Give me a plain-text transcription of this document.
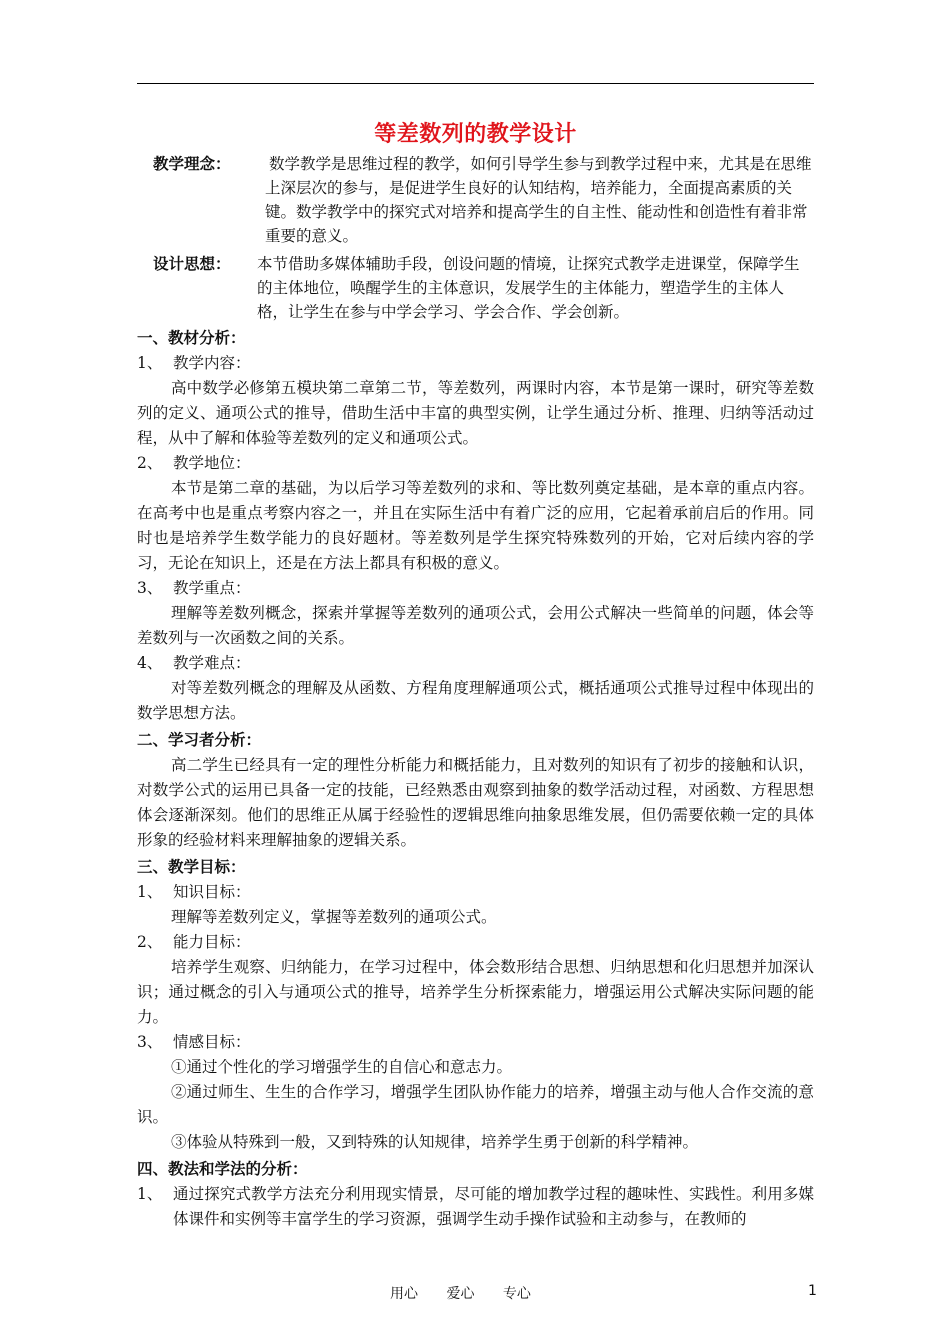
等差数列的教学设计
教学理念：	数学教学是思维过程的教学，如何引导学生参与到教学过程中来，尤其是在思维上深层次的参与，是促进学生良好的认知结构，培养能力，全面提高素质的关键。数学教学中的探究式对培养和提高学生的自主性、能动性和创造性有着非常重要的意义。
设计思想：	本节借助多媒体辅助手段，创设问题的情境，让探究式教学走进课堂，保障学生的主体地位，唤醒学生的主体意识，发展学生的主体能力，塑造学生的主体人格，让学生在参与中学会学习、学会合作、学会创新。
一、教材分析：
1、 教学内容：

高中数学必修第五模块第二章第二节，等差数列，两课时内容，本节是第一课时，研究等差数列的定义、通项公式的推导，借助生活中丰富的典型实例，让学生通过分析、推理、归纳等活动过程，从中了解和体验等差数列的定义和通项公式。

2、 教学地位：

本节是第二章的基础，为以后学习等差数列的求和、等比数列奠定基础，是本章的重点内容。在高考中也是重点考察内容之一，并且在实际生活中有着广泛的应用，它起着承前启后的作用。同时也是培养学生数学能力的良好题材。等差数列是学生探究特殊数列的开始，它对后续内容的学习，无论在知识上，还是在方法上都具有积极的意义。

3、 教学重点：

理解等差数列概念，探索并掌握等差数列的通项公式，会用公式解决一些简单的问题，体会等差数列与一次函数之间的关系。

4、 教学难点：

对等差数列概念的理解及从函数、方程角度理解通项公式，概括通项公式推导过程中体现出的数学思想方法。

二、学习者分析：

高二学生已经具有一定的理性分析能力和概括能力，且对数列的知识有了初步的接触和认识，对数学公式的运用已具备一定的技能，已经熟悉由观察到抽象的数学活动过程，对函数、方程思想体会逐渐深刻。他们的思维正从属于经验性的逻辑思维向抽象思维发展，但仍需要依赖一定的具体形象的经验材料来理解抽象的逻辑关系。

三、教学目标：
1、 知识目标：

理解等差数列定义，掌握等差数列的通项公式。

2、 能力目标：

培养学生观察、归纳能力，在学习过程中，体会数形结合思想、归纳思想和化归思想并加深认识；通过概念的引入与通项公式的推导，培养学生分析探索能力，增强运用公式解决实际问题的能力。

3、 情感目标：

①通过个性化的学习增强学生的自信心和意志力。

②通过师生、生生的合作学习，增强学生团队协作能力的培养，增强主动与他人合作交流的意识。

③体验从特殊到一般，又到特殊的认知规律，培养学生勇于创新的科学精神。

四、教法和学法的分析：
1、 通过探究式教学方法充分利用现实情景，尽可能的增加教学过程的趣味性、实践性。利用多媒体课件和实例等丰富学生的学习资源，强调学生动手操作试验和主动参与，在教师的
用心 爱心 专心	1
